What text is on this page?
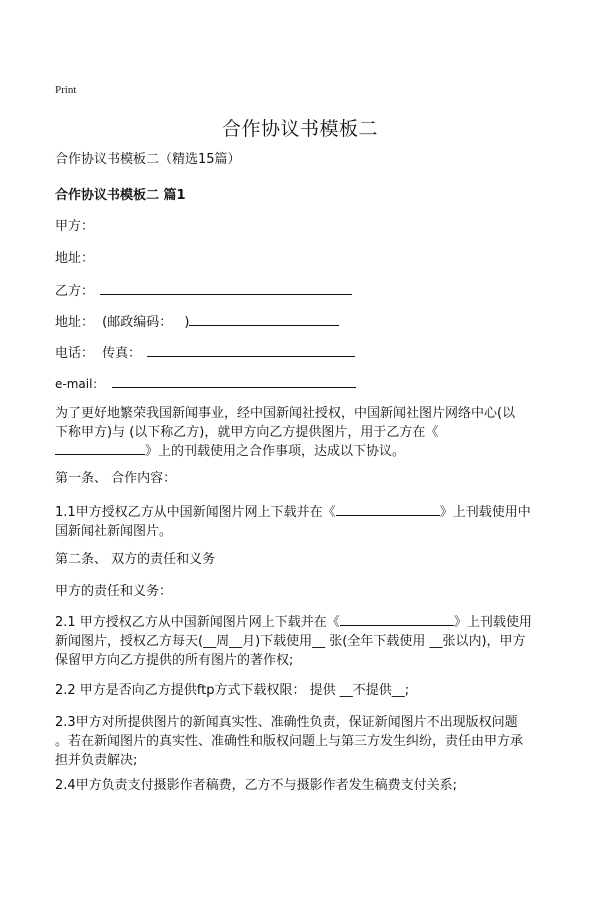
Print
合作协议书模板二
合作协议书模板二（精选15篇）
合作协议书模板二 篇1
甲方：
地址：
乙方：
地址： (邮政编码： )
电话： 传真：
e-mail：
为了更好地繁荣我国新闻事业，经中国新闻社授权，中国新闻社图片网络中心(以
下称甲方)与 (以下称乙方)，就甲方向乙方提供图片，用于乙方在《
》上的刊载使用之合作事项，达成以下协议。
第一条、 合作内容：
1.1甲方授权乙方从中国新闻图片网上下载并在《	》上刊载使用中
国新闻社新闻图片。
第二条、 双方的责任和义务
甲方的责任和义务：
2.1 甲方授权乙方从中国新闻图片网上下载并在《	》上刊载使用
新闻图片，授权乙方每天(__周__月)下载使用__ 张(全年下载使用 __张以内)，甲方
保留甲方向乙方提供的所有图片的著作权;
2.2 甲方是否向乙方提供ftp方式下载权限： 提供 __不提供__;
2.3甲方对所提供图片的新闻真实性、准确性负责，保证新闻图片不出现版权问题
。若在新闻图片的真实性、准确性和版权问题上与第三方发生纠纷，责任由甲方承
担并负责解决;
2.4甲方负责支付摄影作者稿费，乙方不与摄影作者发生稿费支付关系;
